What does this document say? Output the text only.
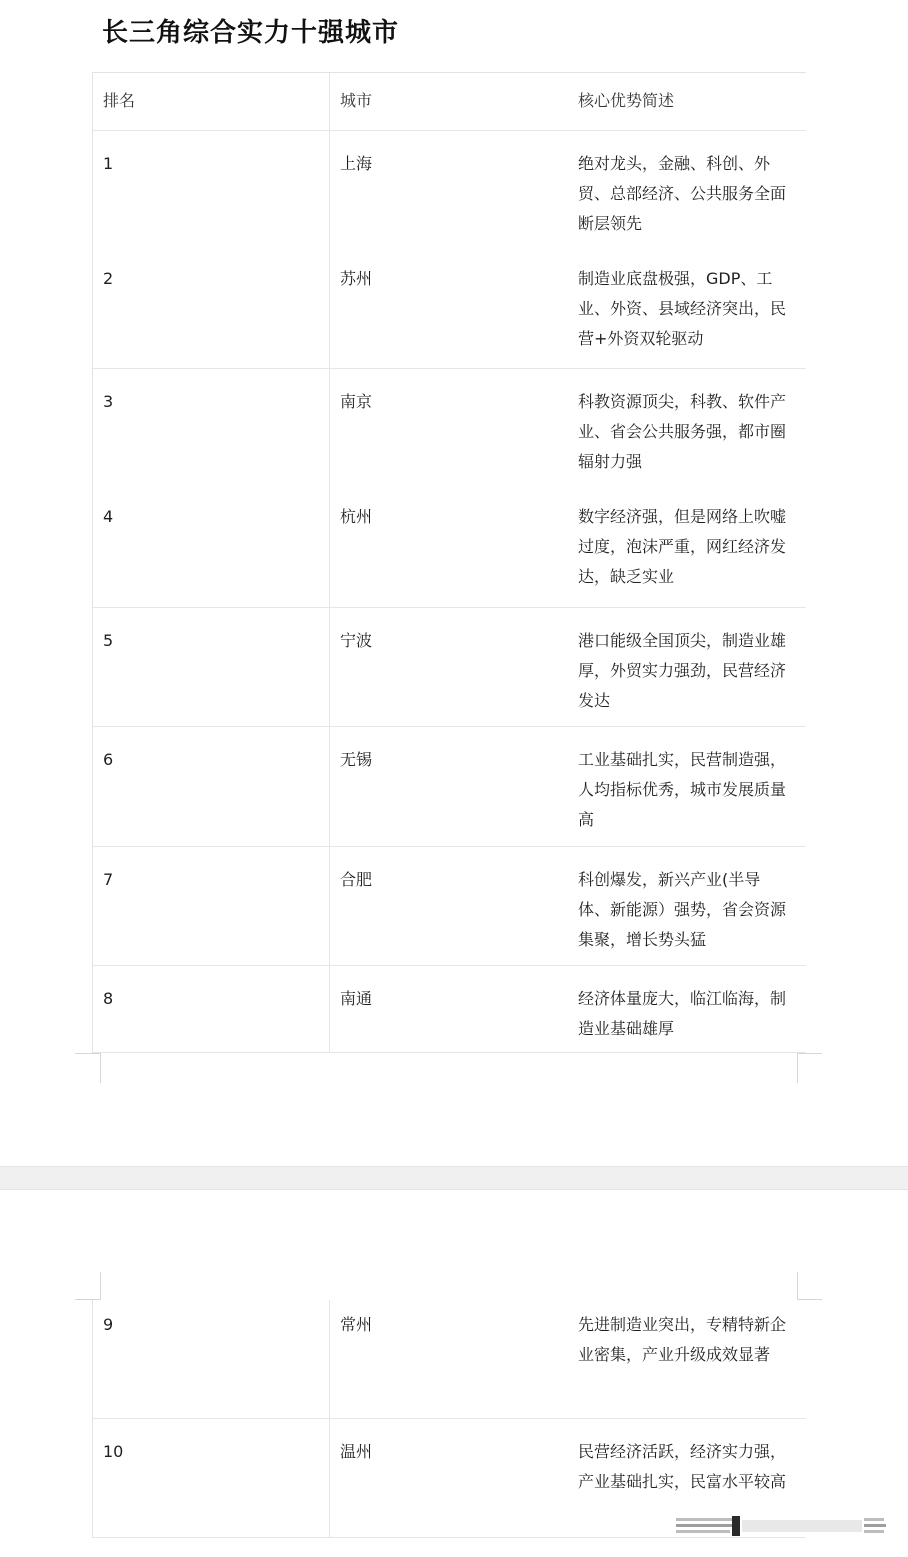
长三角综合实力十强城市
排名	城市	核心优势简述
1	上海	绝对龙头，金融、科创、外贸、总部经济、公共服务全面断层领先
2	苏州	制造业底盘极强，GDP、工业、外资、县域经济突出，民营+外资双轮驱动
3	南京	科教资源顶尖，科教、软件产业、省会公共服务强，都市圈辐射力强
4	杭州	数字经济强，但是网络上吹嘘过度，泡沫严重，网红经济发达，缺乏实业
5	宁波	港口能级全国顶尖，制造业雄厚，外贸实力强劲，民营经济发达
6	无锡	工业基础扎实，民营制造强，人均指标优秀，城市发展质量高
7	合肥	科创爆发，新兴产业(半导体、新能源）强势，省会资源集聚，增长势头猛
8	南通	经济体量庞大，临江临海，制造业基础雄厚
9	常州	先进制造业突出，专精特新企业密集，产业升级成效显著
10	温州	民营经济活跃，经济实力强，产业基础扎实，民富水平较高
